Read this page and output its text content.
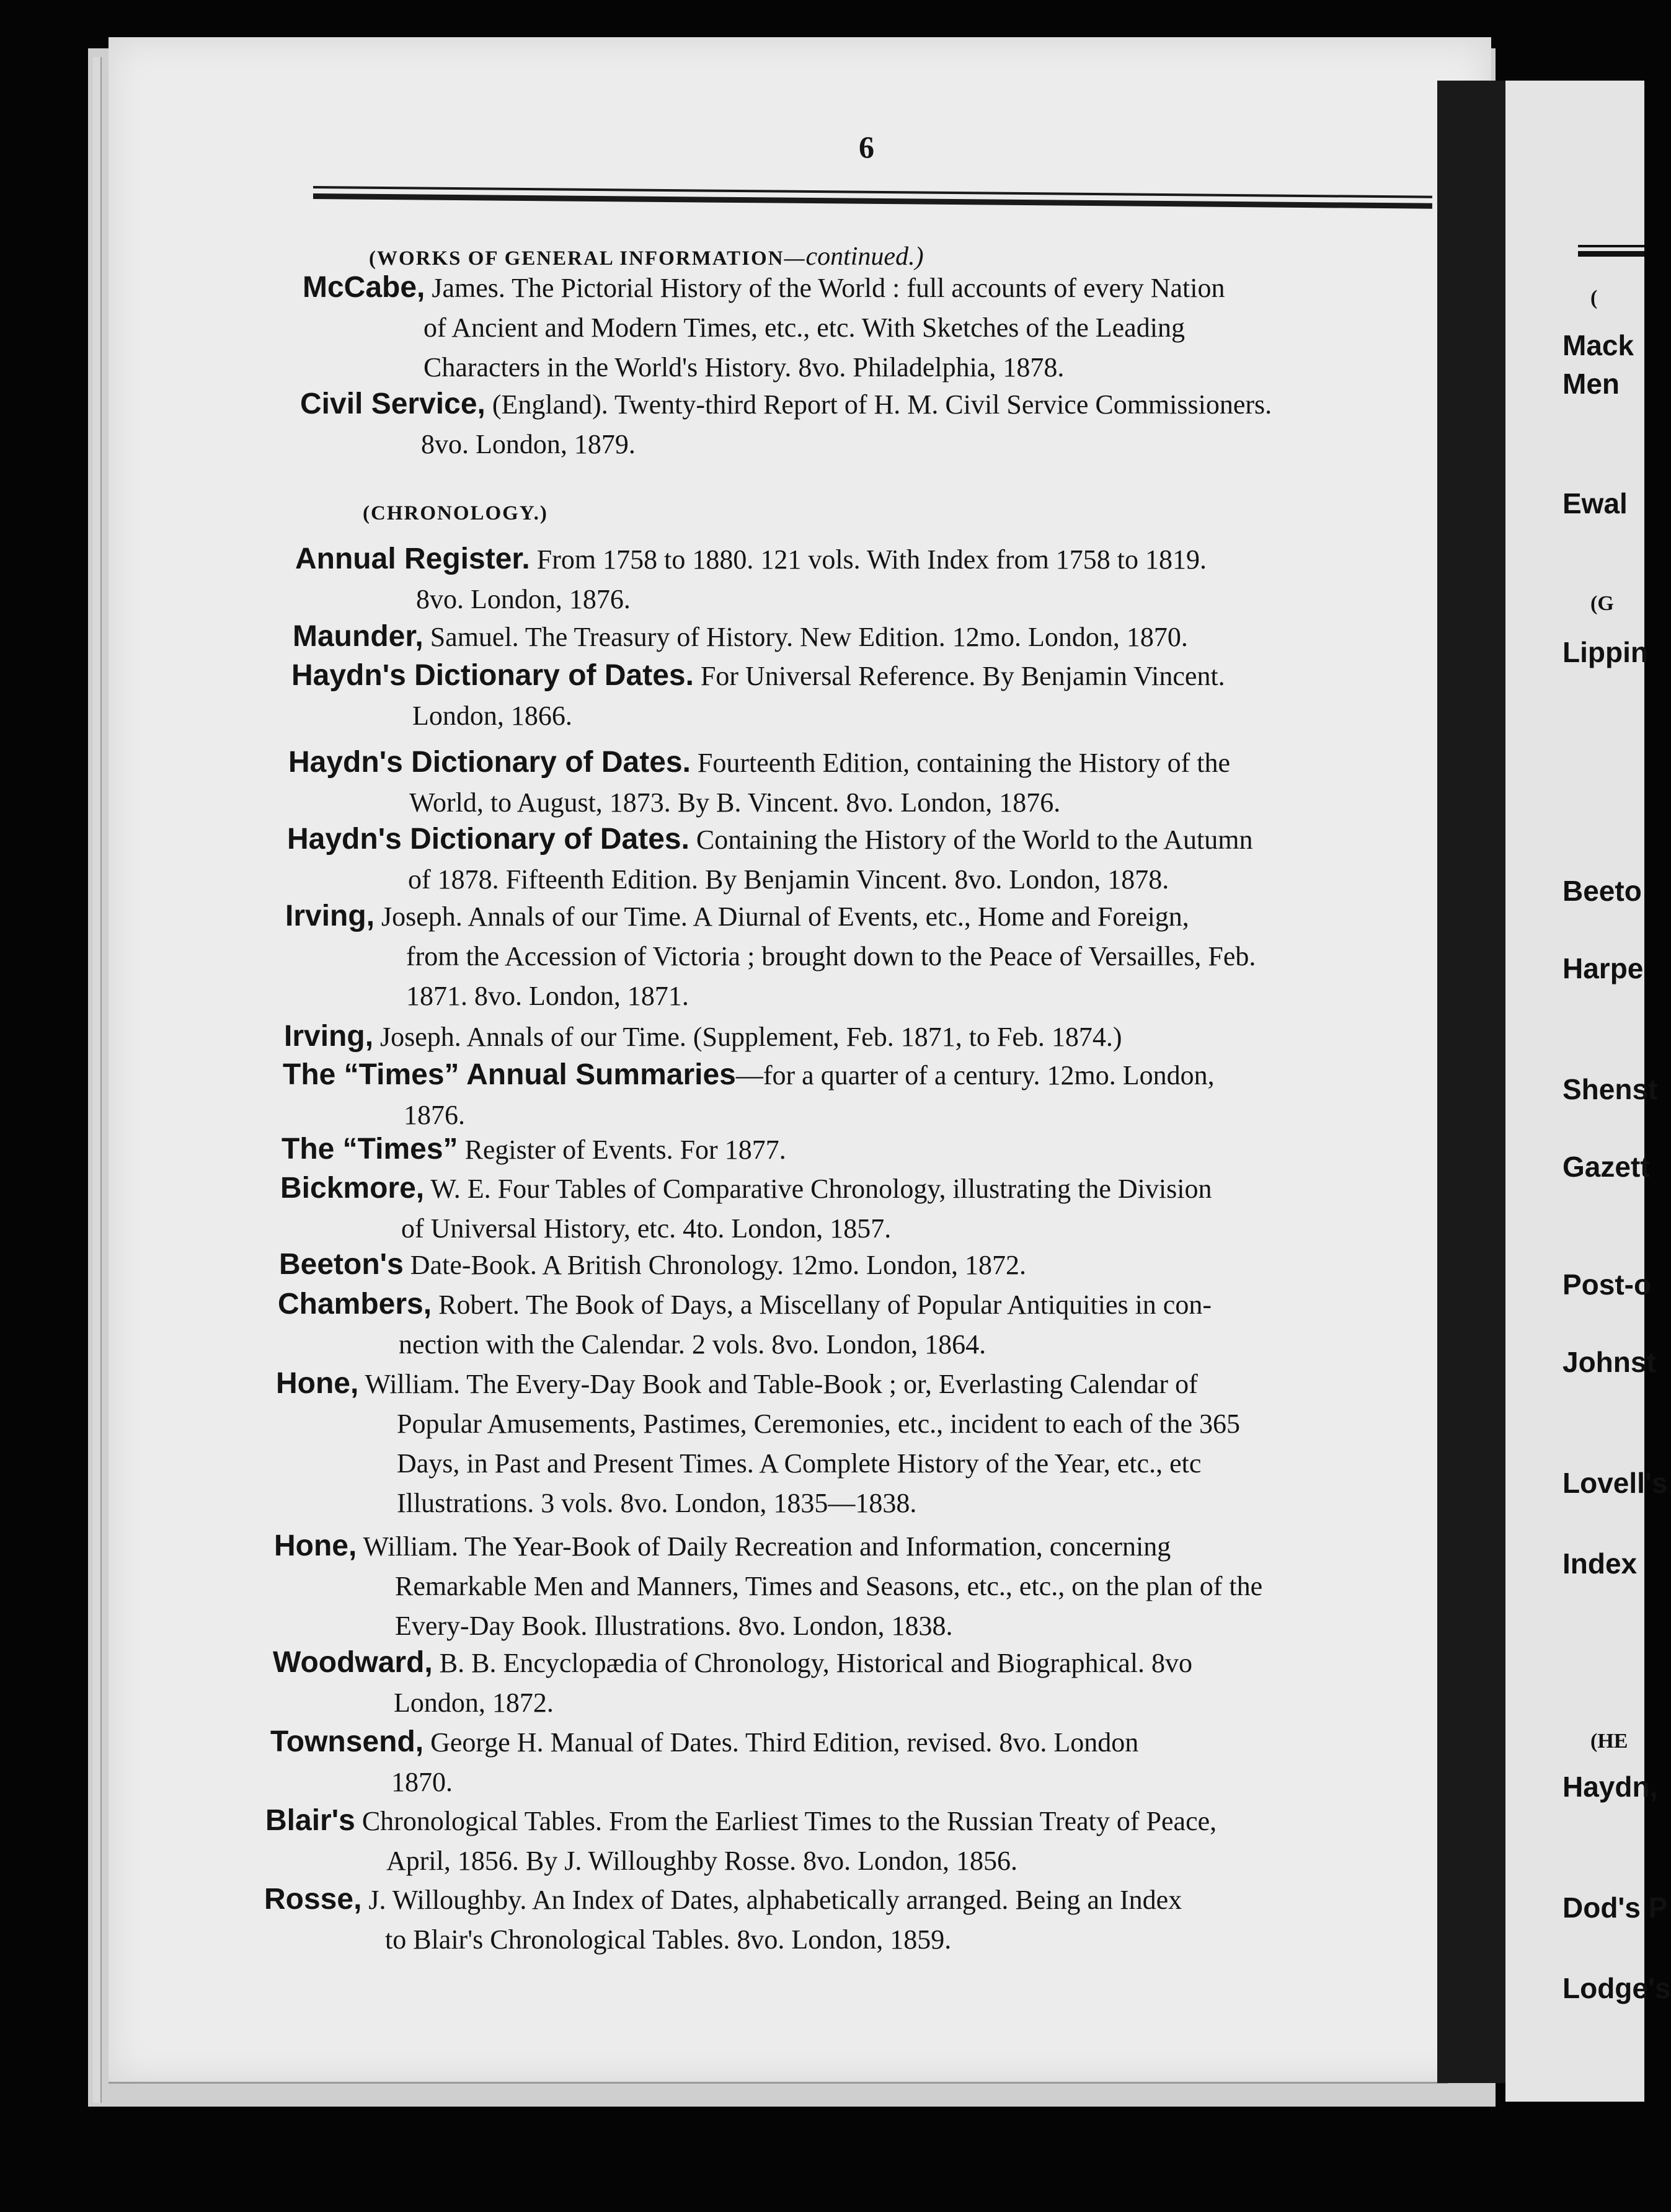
6
(WORKS OF GENERAL INFORMATION—continued.)
McCabe, James. The Pictorial History of the World : full accounts of every Nation
of Ancient and Modern Times, etc., etc. With Sketches of the Leading
Characters in the World's History. 8vo. Philadelphia, 1878.
Civil Service, (England). Twenty-third Report of H. M. Civil Service Commissioners.
8vo. London, 1879.
(CHRONOLOGY.)
Annual Register. From 1758 to 1880. 121 vols. With Index from 1758 to 1819.
8vo. London, 1876.
Maunder, Samuel. The Treasury of History. New Edition. 12mo. London, 1870.
Haydn's Dictionary of Dates. For Universal Reference. By Benjamin Vincent.
London, 1866.
Haydn's Dictionary of Dates. Fourteenth Edition, containing the History of the
World, to August, 1873. By B. Vincent. 8vo. London, 1876.
Haydn's Dictionary of Dates. Containing the History of the World to the Autumn
of 1878. Fifteenth Edition. By Benjamin Vincent. 8vo. London, 1878.
Irving, Joseph. Annals of our Time. A Diurnal of Events, etc., Home and Foreign,
from the Accession of Victoria ; brought down to the Peace of Versailles, Feb.
1871. 8vo. London, 1871.
Irving, Joseph. Annals of our Time. (Supplement, Feb. 1871, to Feb. 1874.)
The “Times” Annual Summaries—for a quarter of a century. 12mo. London,
1876.
The “Times” Register of Events. For 1877.
Bickmore, W. E. Four Tables of Comparative Chronology, illustrating the Division
of Universal History, etc. 4to. London, 1857.
Beeton's Date-Book. A British Chronology. 12mo. London, 1872.
Chambers, Robert. The Book of Days, a Miscellany of Popular Antiquities in con-
nection with the Calendar. 2 vols. 8vo. London, 1864.
Hone, William. The Every-Day Book and Table-Book ; or, Everlasting Calendar of
Popular Amusements, Pastimes, Ceremonies, etc., incident to each of the 365
Days, in Past and Present Times. A Complete History of the Year, etc., etc
Illustrations. 3 vols. 8vo. London, 1835—1838.
Hone, William. The Year-Book of Daily Recreation and Information, concerning
Remarkable Men and Manners, Times and Seasons, etc., etc., on the plan of the
Every-Day Book. Illustrations. 8vo. London, 1838.
Woodward, B. B. Encyclopædia of Chronology, Historical and Biographical. 8vo
London, 1872.
Townsend, George H. Manual of Dates. Third Edition, revised. 8vo. London
1870.
Blair's Chronological Tables. From the Earliest Times to the Russian Treaty of Peace,
April, 1856. By J. Willoughby Rosse. 8vo. London, 1856.
Rosse, J. Willoughby. An Index of Dates, alphabetically arranged. Being an Index
to Blair's Chronological Tables. 8vo. London, 1859.
(
Mack
Men
Ewal
(G
Lippin
Beeto
Harpe
Shenst
Gazett
Post-o
Johnst
Lovell's
Index
(HE
Haydn,
Dod's P
Lodge's
